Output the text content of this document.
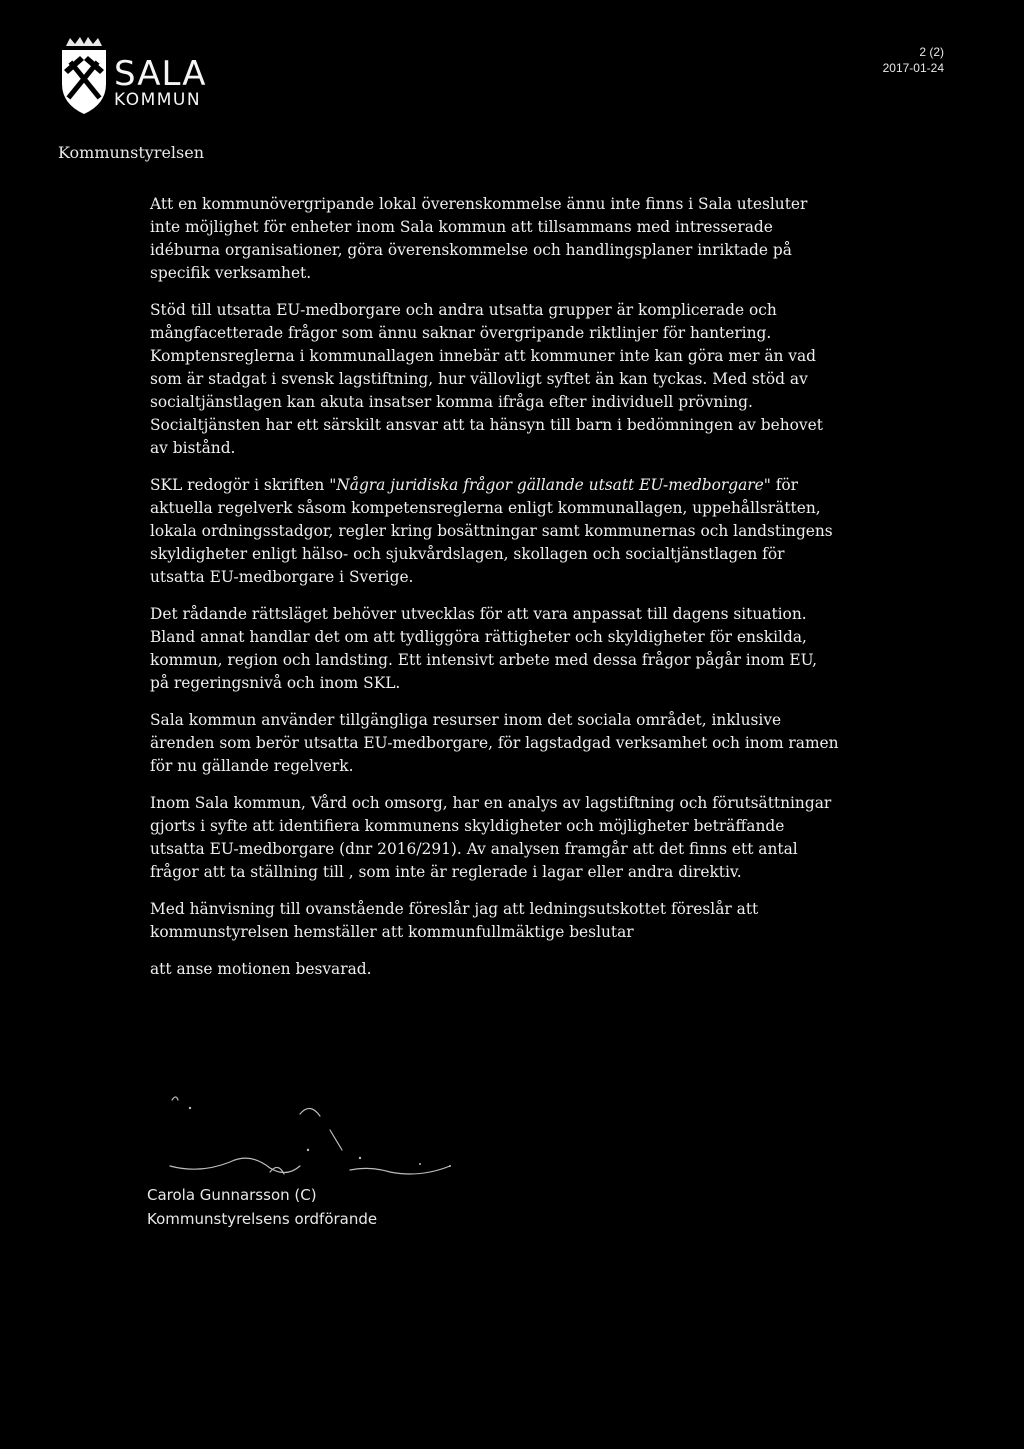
SALA
KOMMUN
2 (2)
2017-01-24
Kommunstyrelsen

Att en kommunövergripande lokal överenskommelse ännu inte finns i Sala utesluter inte möjlighet för enheter inom Sala kommun att tillsammans med intresserade idéburna organisationer, göra överenskommelse och handlingsplaner inriktade på specifik verksamhet.

Stöd till utsatta EU-medborgare och andra utsatta grupper är komplicerade och mångfacetterade frågor som ännu saknar övergripande riktlinjer för hantering. Komptensreglerna i kommunallagen innebär att kommuner inte kan göra mer än vad som är stadgat i svensk lagstiftning, hur vällovligt syftet än kan tyckas. Med stöd av socialtjänstlagen kan akuta insatser komma ifråga efter individuell prövning. Socialtjänsten har ett särskilt ansvar att ta hänsyn till barn i bedömningen av behovet av bistånd.

SKL redogör i skriften "Några juridiska frågor gällande utsatt EU-medborgare" för aktuella regelverk såsom kompetensreglerna enligt kommunallagen, uppehållsrätten, lokala ordningsstadgor, regler kring bosättningar samt kommunernas och landstingens skyldigheter enligt hälso- och sjukvårdslagen, skollagen och socialtjänstlagen för utsatta EU-medborgare i Sverige.

Det rådande rättsläget behöver utvecklas för att vara anpassat till dagens situation. Bland annat handlar det om att tydliggöra rättigheter och skyldigheter för enskilda, kommun, region och landsting. Ett intensivt arbete med dessa frågor pågår inom EU, på regeringsnivå och inom SKL.

Sala kommun använder tillgängliga resurser inom det sociala området, inklusive ärenden som berör utsatta EU-medborgare, för lagstadgad verksamhet och inom ramen för nu gällande regelverk.

Inom Sala kommun, Vård och omsorg, har en analys av lagstiftning och förutsättningar gjorts i syfte att identifiera kommunens skyldigheter och möjligheter beträffande utsatta EU-medborgare (dnr 2016/291). Av analysen framgår att det finns ett antal frågor att ta ställning till , som inte är reglerade i lagar eller andra direktiv.

Med hänvisning till ovanstående föreslår jag att ledningsutskottet föreslår att kommunstyrelsen hemställer att kommunfullmäktige beslutar

att anse motionen besvarad.

Carola Gunnarsson (C)
Kommunstyrelsens ordförande
